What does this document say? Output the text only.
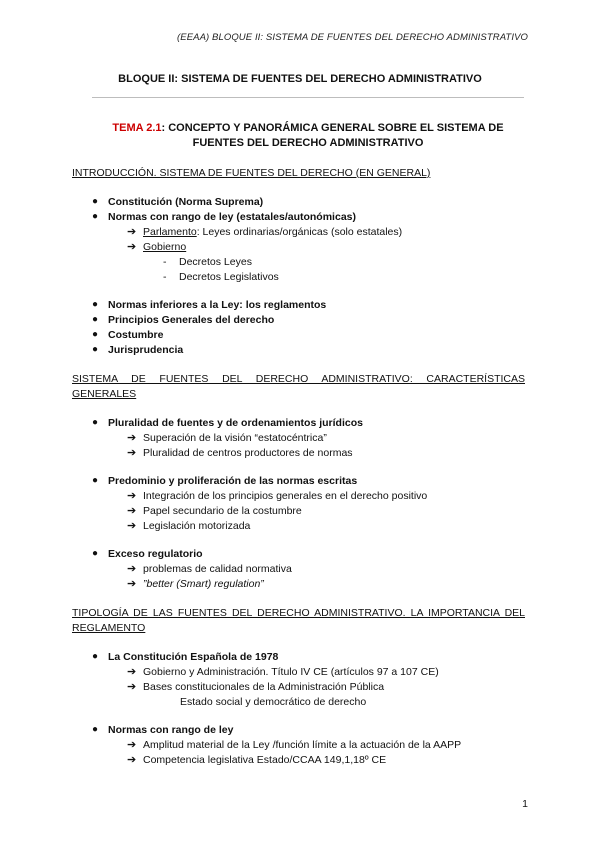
(EEAA) BLOQUE II: SISTEMA DE FUENTES DEL DERECHO ADMINISTRATIVO
BLOQUE II: SISTEMA DE FUENTES DEL DERECHO ADMINISTRATIVO
TEMA 2.1: CONCEPTO Y PANORÁMICA GENERAL SOBRE EL SISTEMA DE FUENTES DEL DERECHO ADMINISTRATIVO
INTRODUCCIÓN. SISTEMA DE FUENTES DEL DERECHO (EN GENERAL)
● Constitución (Norma Suprema)
● Normas con rango de ley (estatales/autonómicas)
➔ Parlamento : Leyes ordinarias/orgánicas (solo estatales)
➔ Gobierno
-	Decretos Leyes
-	Decretos Legislativos
● Normas inferiores a la Ley: los reglamentos
● Principios Generales del derecho
● Costumbre
● Jurisprudencia
SISTEMA DE FUENTES DEL DERECHO ADMINISTRATIVO: CARACTERÍSTICAS GENERALES
● Pluralidad de fuentes y de ordenamientos jurídicos
➔ Superación de la visión “estatocéntrica”
➔ Pluralidad de centros productores de normas
● Predominio y proliferación de las normas escritas
➔ Integración de los principios generales en el derecho positivo
➔ Papel secundario de la costumbre
➔ Legislación motorizada
● Exceso regulatorio
➔ problemas de calidad normativa
➔ ”better (Smart) regulation”
TIPOLOGÍA DE LAS FUENTES DEL DERECHO ADMINISTRATIVO. LA IMPORTANCIA DEL REGLAMENTO
● La Constitución Española de 1978
➔ Gobierno y Administración. Título IV CE (artículos 97 a 107 CE)
➔ Bases constitucionales de la Administración Pública
Estado social y democrático de derecho
● Normas con rango de ley
➔ Amplitud material de la Ley /función límite a la actuación de la AAPP
➔ Competencia legislativa Estado/CCAA 149,1,18º CE
1
